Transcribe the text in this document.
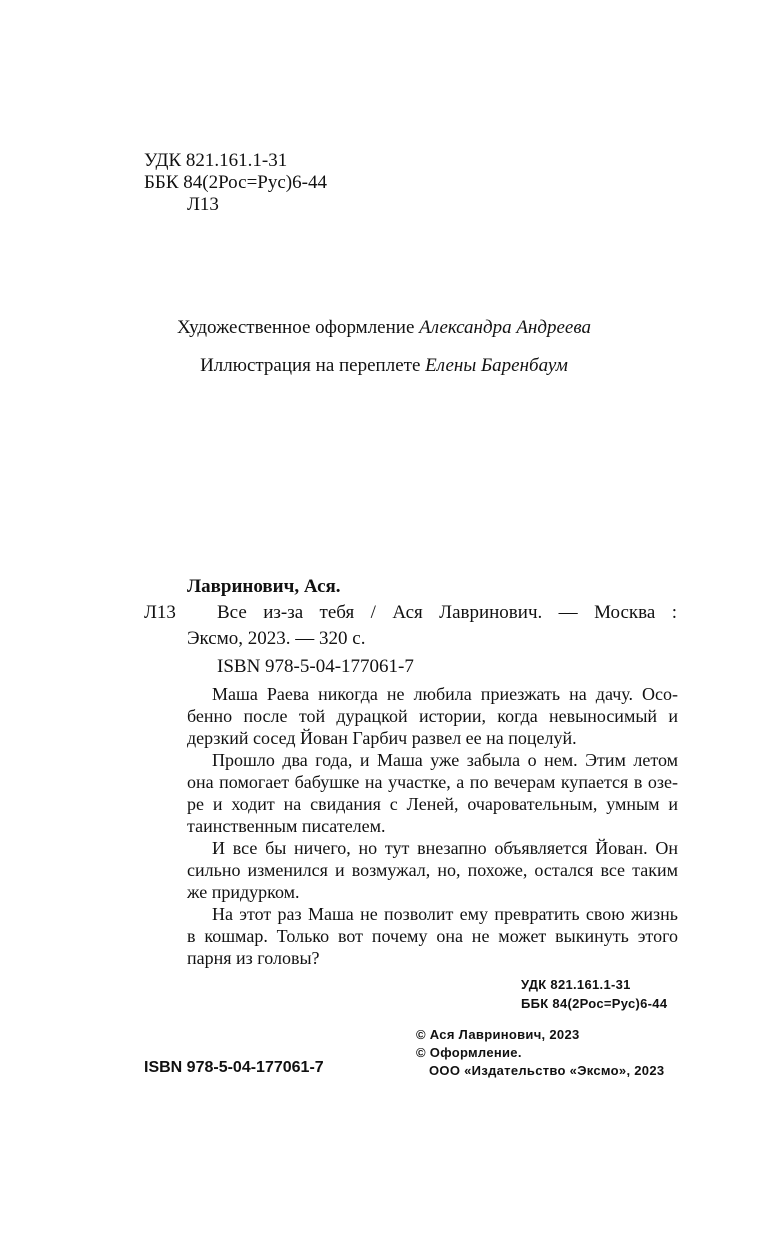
УДК 821.161.1-31
ББК 84(2Рос=Рус)6-44
Л13
Художественное оформление Александра Андреева
Иллюстрация на переплете Елены Баренбаум
Лавринович, Ася.
Л13 Все из-за тебя / Ася Лавринович. — Москва :
Эксмо, 2023. — 320 с.
ISBN 978-5-04-177061-7
Маша Раева никогда не любила приезжать на дачу. Осо-
бенно после той дурацкой истории, когда невыносимый и
дерзкий сосед Йован Гарбич развел ее на поцелуй.
Прошло два года, и Маша уже забыла о нем. Этим летом
она помогает бабушке на участке, а по вечерам купается в озе-
ре и ходит на свидания с Леней, очаровательным, умным и
таинственным писателем.
И все бы ничего, но тут внезапно объявляется Йован. Он
сильно изменился и возмужал, но, похоже, остался все таким
же придурком.
На этот раз Маша не позволит ему превратить свою жизнь
в кошмар. Только вот почему она не может выкинуть этого
парня из головы?
УДК 821.161.1-31
ББК 84(2Рос=Рус)6-44
© Ася Лавринович, 2023
© Оформление.
ООО «Издательство «Эксмо», 2023
ISBN 978-5-04-177061-7
